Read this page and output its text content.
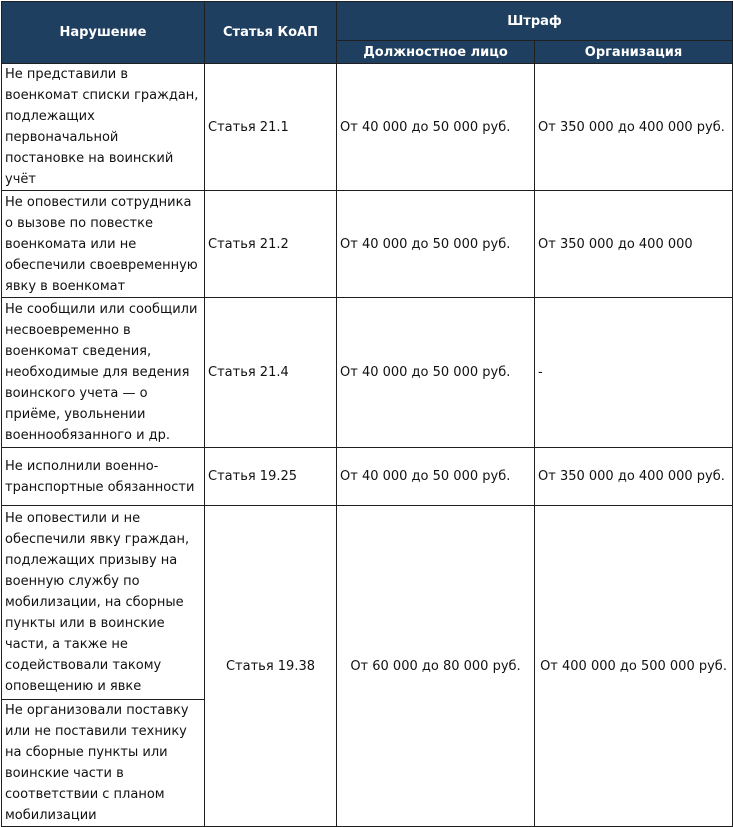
Нарушение	Статья КоАП	Штраф	
		Должностное лицо	Организация
Не представили в военкомат списки граждан, подлежащих первоначальной постановке на воинский учёт	Статья 21.1	От 40 000 до 50 000 руб.	От 350 000 до 400 000 руб.
Не оповестили сотрудника о вызове по повестке военкомата или не обеспечили своевременную явку в военкомат	Статья 21.2	От 40 000 до 50 000 руб.	От 350 000 до 400 000
Не сообщили или сообщили несвоевременно в военкомат сведения, необходимые для ведения воинского учета — о приёме, увольнении военнообязанного и др.	Статья 21.4	От 40 000 до 50 000 руб.	-
Не исполнили военно-транспортные обязанности	Статья 19.25	От 40 000 до 50 000 руб.	От 350 000 до 400 000 руб.
Не оповестили и не обеспечили явку граждан, подлежащих призыву на военную службу по мобилизации, на сборные пункты или в воинские части, а также не содействовали такому оповещению и явке	Статья 19.38	От 60 000 до 80 000 руб.	От 400 000 до 500 000 руб.
Не организовали поставку или не поставили технику на сборные пункты или воинские части в соответствии с планом мобилизации			
